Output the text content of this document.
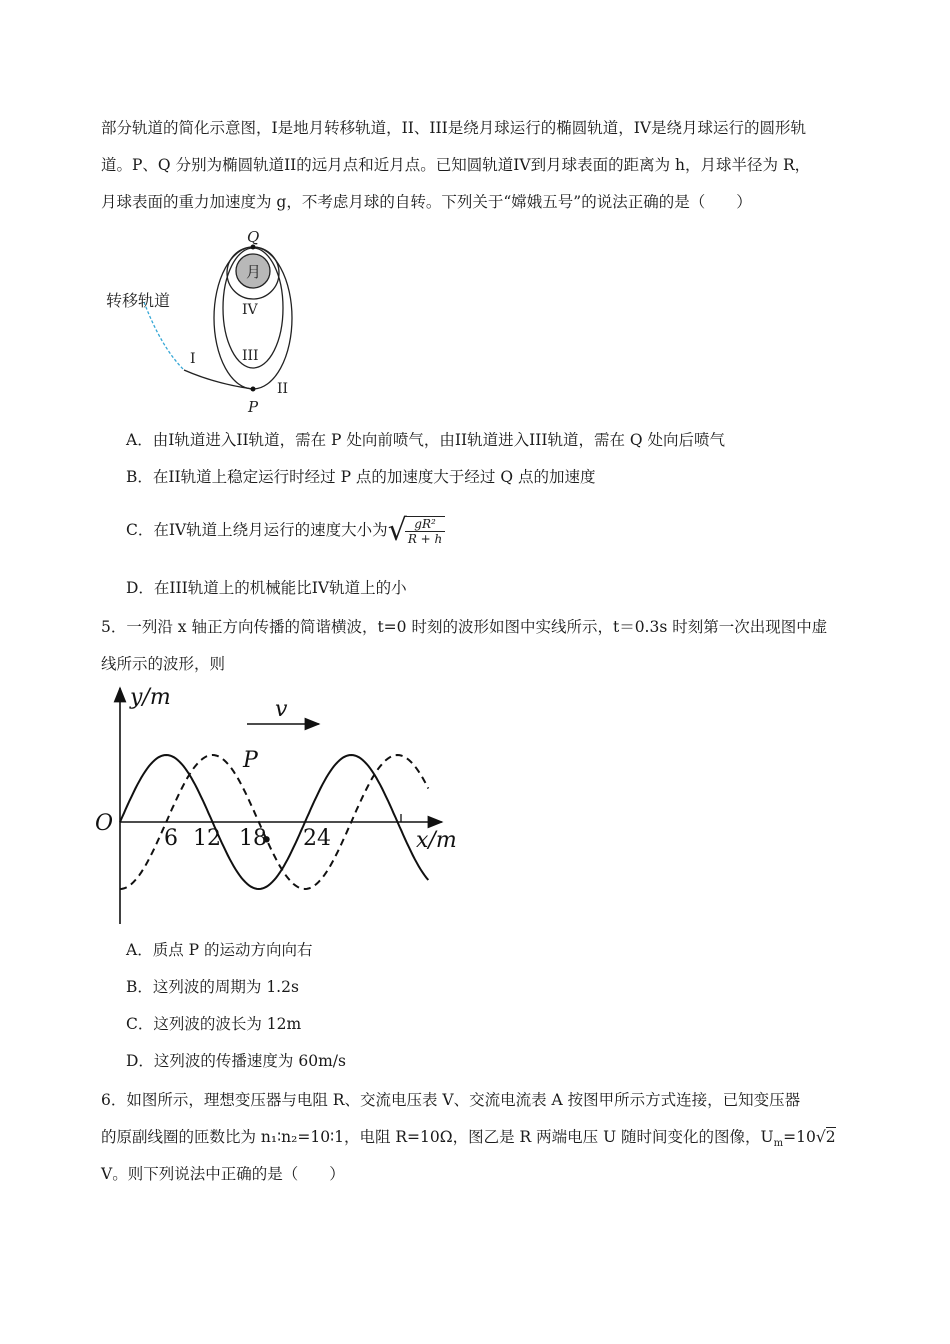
部分轨道的简化示意图，I是地月转移轨道，II、III是绕月球运行的椭圆轨道，IV是绕月球运行的圆形轨
道。P、Q 分别为椭圆轨道II的远月点和近月点。已知圆轨道IV到月球表面的距离为 h，月球半径为 R，
月球表面的重力加速度为 g，不考虑月球的自转。下列关于“嫦娥五号”的说法正确的是（　　）
转移轨道
月
Q
P
I
II
III
IV
A．由I轨道进入II轨道，需在 P 处向前喷气，由II轨道进入III轨道，需在 Q 处向后喷气
B．在II轨道上稳定运行时经过 P 点的加速度大于经过 Q 点的加速度
C．在IV轨道上绕月运行的速度大小为 √
$\frac{\text{gR²}}{R + h}$
D．在III轨道上的机械能比IV轨道上的小
5．一列沿 x 轴正方向传播的简谐横波，t=0 时刻的波形如图中实线所示，t＝0.3s 时刻第一次出现图中虚
线所示的波形，则
y/m
x/m
O
v
P
6 12 18 24
A．质点 P 的运动方向向右
B．这列波的周期为 1.2s
C．这列波的波长为 12m
D．这列波的传播速度为 60m/s
6．如图所示，理想变压器与电阻 R、交流电压表 V、交流电流表 A 按图甲所示方式连接，已知变压器
的原副线圈的匝数比为 n₁∶n₂=10∶1，电阻 R=10Ω，图乙是 R 两端电压 U 随时间变化的图像，$U_m=10√2$
V。则下列说法中正确的是（　　）
